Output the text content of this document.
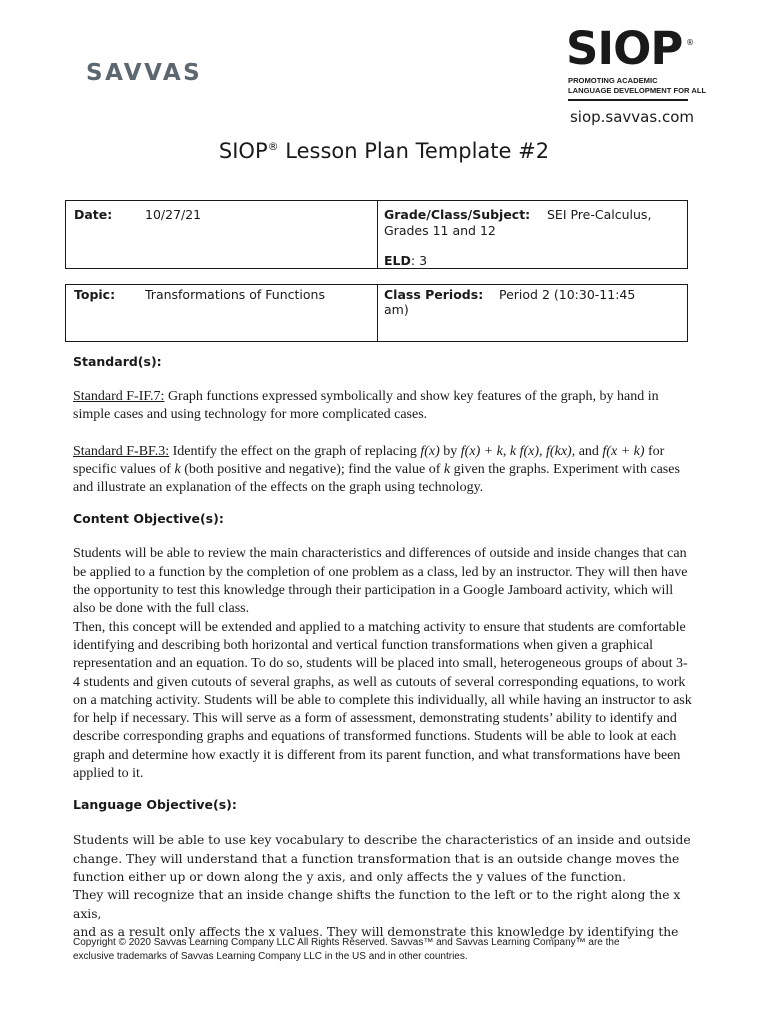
SAVVAS	SIOP ®
PROMOTING ACADEMIC
LANGUAGE DEVELOPMENT FOR ALL
siop.savvas.com
SIOP® Lesson Plan Template #2
Date:	10/27/21	Grade/Class/Subject: SEI Pre-Calculus,
Grades 11 and 12
ELD: 3
Topic: Transformations of Functions	Class Periods: Period 2 (10:30-11:45
am)
Standard(s):

Standard F-IF.7: Graph functions expressed symbolically and show key features of the graph, by hand in simple cases and using technology for more complicated cases.

Standard F-BF.3: Identify the effect on the graph of replacing f(x) by f(x) + k, k f(x), f(kx), and f(x + k) for specific values of k (both positive and negative); find the value of k given the graphs. Experiment with cases and illustrate an explanation of the effects on the graph using technology.

Content Objective(s):

Students will be able to review the main characteristics and differences of outside and inside changes that can be applied to a function by the completion of one problem as a class, led by an instructor. They will then have the opportunity to test this knowledge through their participation in a Google Jamboard activity, which will also be done with the full class.

Then, this concept will be extended and applied to a matching activity to ensure that students are comfortable identifying and describing both horizontal and vertical function transformations when given a graphical representation and an equation. To do so, students will be placed into small, heterogeneous groups of about 3-4 students and given cutouts of several graphs, as well as cutouts of several corresponding equations, to work on a matching activity. Students will be able to complete this individually, all while having an instructor to ask for help if necessary. This will serve as a form of assessment, demonstrating students’ ability to identify and describe corresponding graphs and equations of transformed functions. Students will be able to look at each graph and determine how exactly it is different from its parent function, and what transformations have been applied to it.

Language Objective(s):

Students will be able to use key vocabulary to describe the characteristics of an inside and outside
change. They will understand that a function transformation that is an outside change moves the
function either up or down along the y axis, and only affects the y values of the function.

They will recognize that an inside change shifts the function to the left or to the right along the x axis,
and as a result only affects the x values. They will demonstrate this knowledge by identifying the

Copyright © 2020 Savvas Learning Company LLC All Rights Reserved. Savvas™ and Savvas Learning Company™ are the
exclusive trademarks of Savvas Learning Company LLC in the US and in other countries.
